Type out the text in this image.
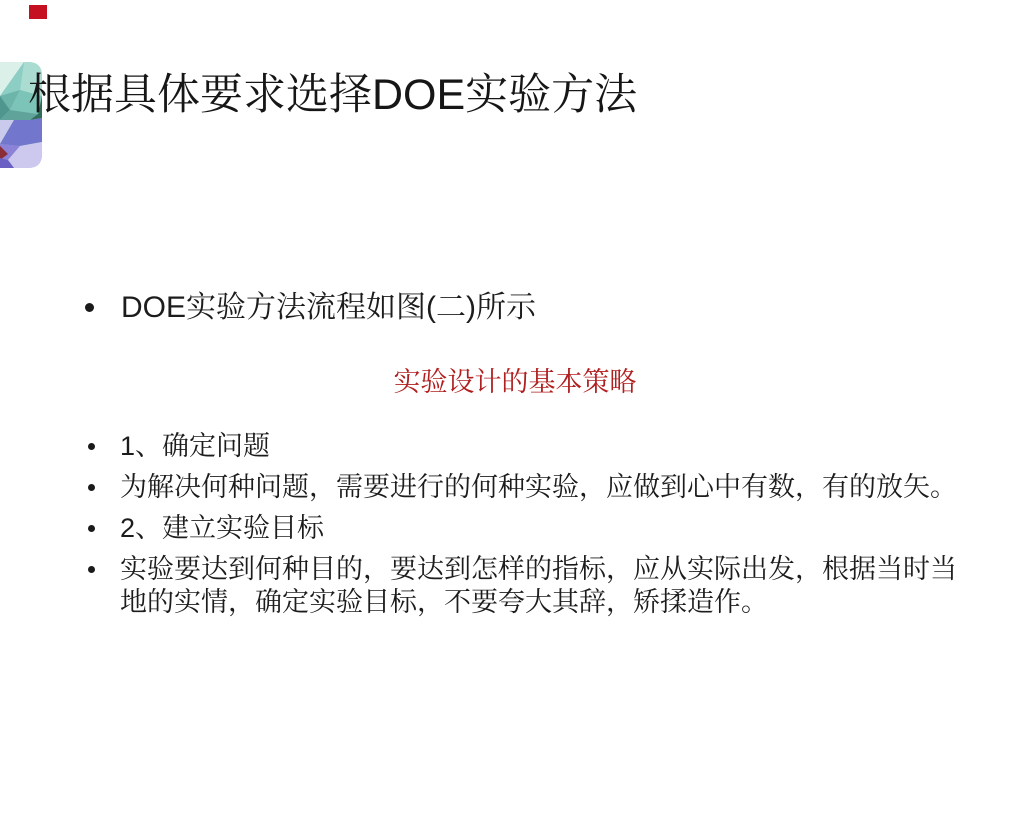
根据具体要求选择DOE实验方法
DOE实验方法流程如图(二)所示
实验设计的基本策略
1、确定问题
为解决何种问题，需要进行的何种实验，应做到心中有数，有的放矢。
2、建立实验目标
实验要达到何种目的，要达到怎样的指标，应从实际出发，根据当时当地的实情，确定实验目标，不要夸大其辞，矫揉造作。
